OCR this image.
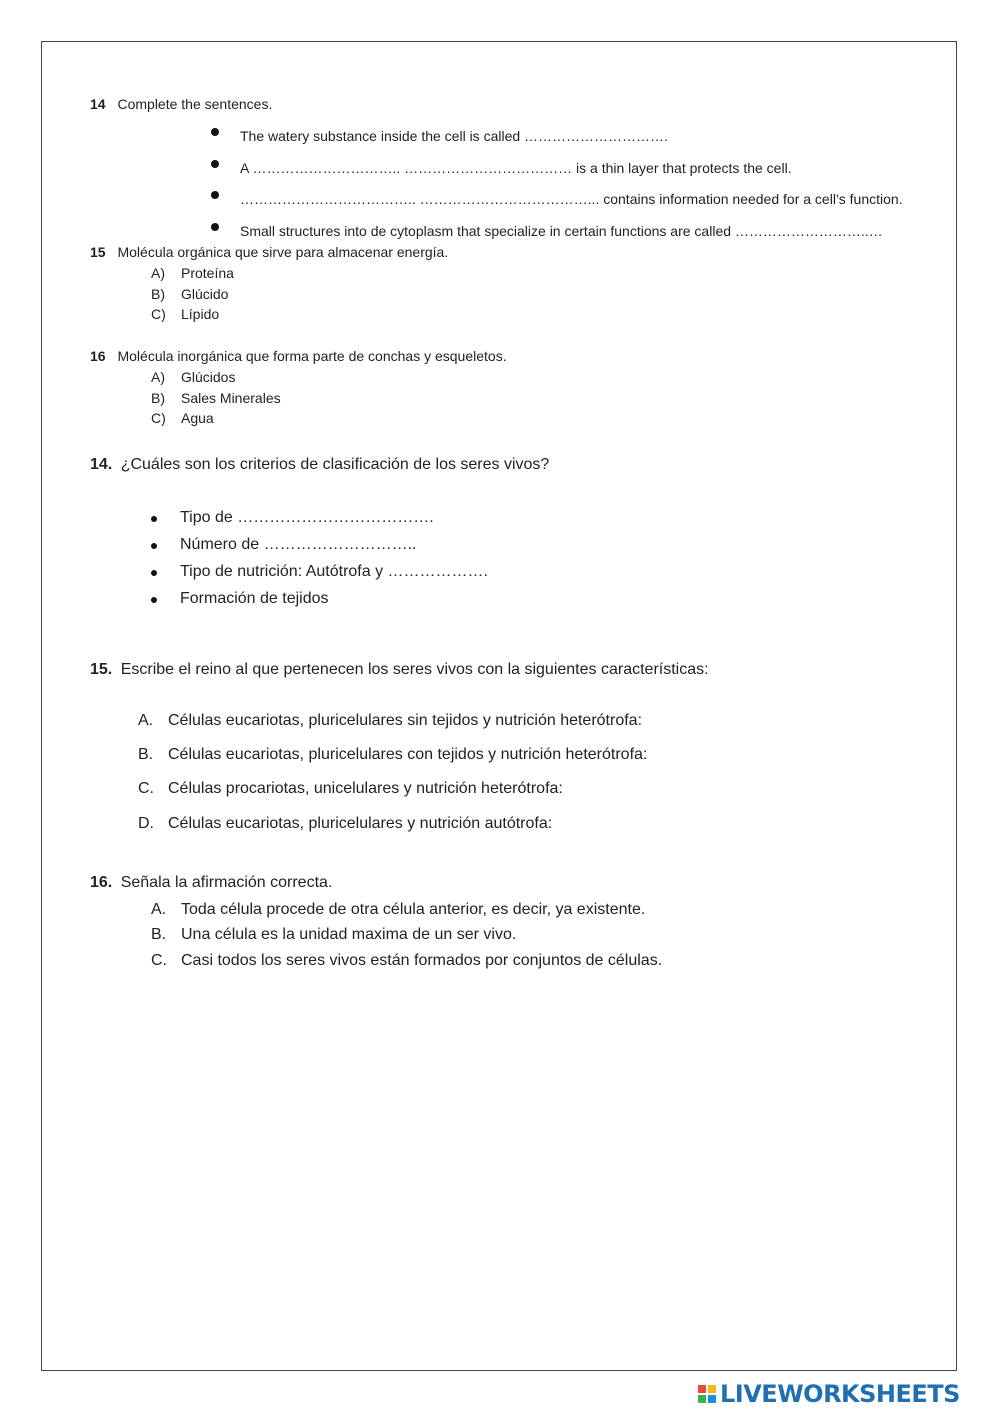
14 Complete the sentences.
The watery substance inside the cell is called ………………………….
A ………………………….. ……………………………… is a thin layer that protects the cell.
……………………………….. ………………………………... contains information needed for a cell’s function.
Small structures into de cytoplasm that specialize in certain functions are called ………………………..…
15 Molécula orgánica que sirve para almacenar energía.
A) Proteína
B) Glúcido
C) Lípido
16 Molécula inorgánica que forma parte de conchas y esqueletos.
A) Glúcidos
B) Sales Minerales
C) Agua
14. ¿Cuáles son los criterios de clasificación de los seres vivos?
Tipo de ……………………………….
Número de ………………………..
Tipo de nutrición: Autótrofa y ……………….
Formación de tejidos
15. Escribe el reino al que pertenecen los seres vivos con la siguientes características:
A. Células eucariotas, pluricelulares sin tejidos y nutrición heterótrofa:
B. Células eucariotas, pluricelulares con tejidos y nutrición heterótrofa:
C. Células procariotas, unicelulares y nutrición heterótrofa:
D. Células eucariotas, pluricelulares y nutrición autótrofa:
16. Señala la afirmación correcta.
A. Toda célula procede de otra célula anterior, es decir, ya existente.
B. Una célula es la unidad maxima de un ser vivo.
C. Casi todos los seres vivos están formados por conjuntos de células.
LIVEWORKSHEETS
